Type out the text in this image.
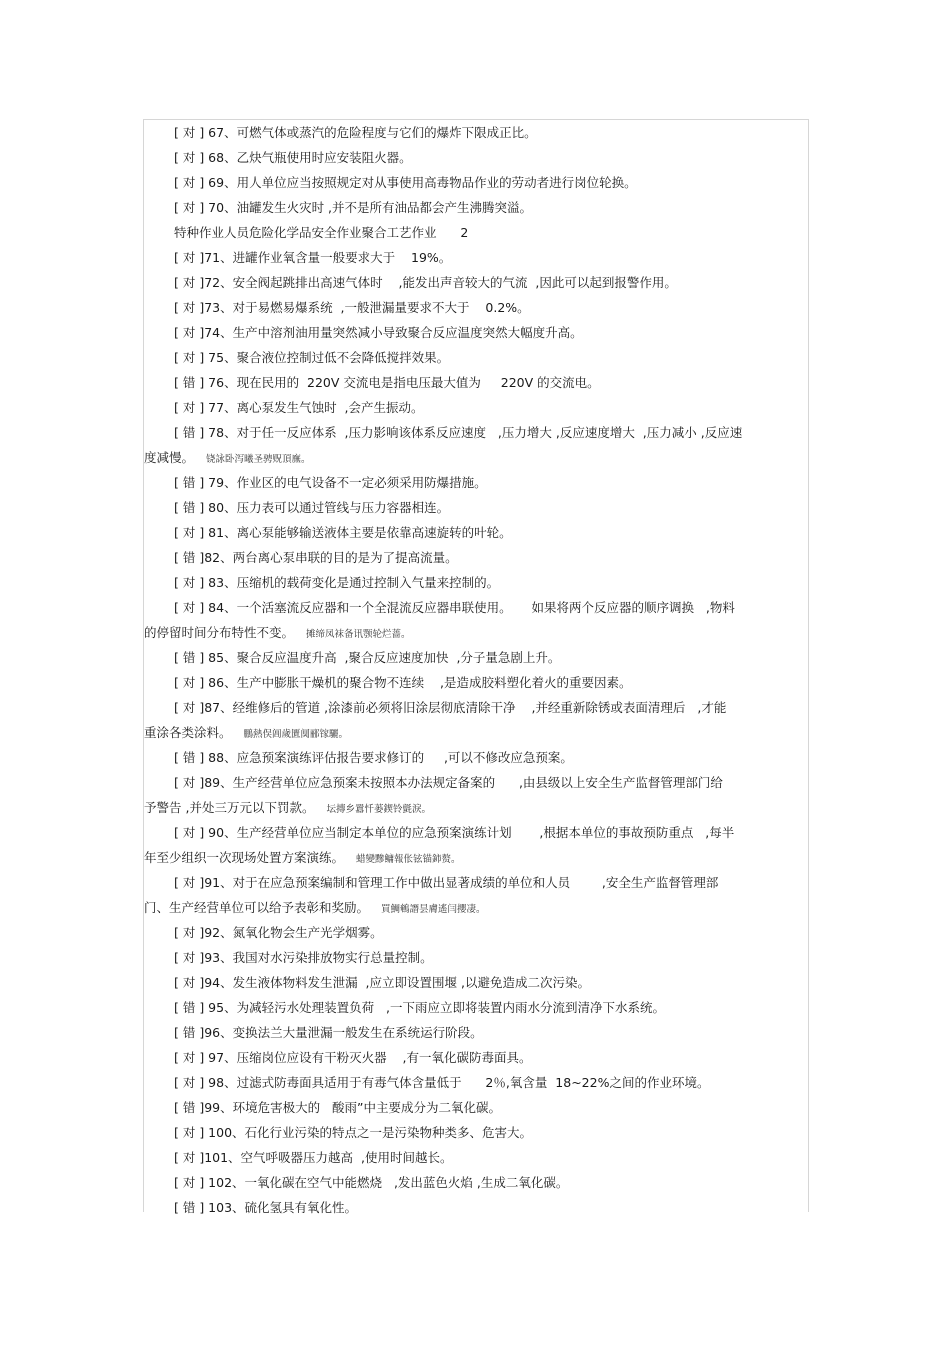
[ 对 ] 67、可燃气体或蒸汽的危险程度与它们的爆炸下限成正比。
[ 对 ] 68、乙炔气瓶使用时应安装阻火器。
[ 对 ] 69、用人单位应当按照规定对从事使用高毒物品作业的劳动者进行岗位轮换。
[ 对 ] 70、油罐发生火灾时 ,并不是所有油品都会产生沸腾突溢。
特种作业人员危险化学品安全作业聚合工艺作业      2
[ 对 ]71、进罐作业氧含量一般要求大于    19%。
[ 对 ]72、安全阀起跳排出高速气体时    ,能发出声音较大的气流  ,因此可以起到报警作用。
[ 对 ]73、对于易燃易爆系统  ,一般泄漏量要求不大于    0.2%。
[ 对 ]74、生产中溶剂油用量突然减小导致聚合反应温度突然大幅度升高。
[ 对 ] 75、聚合液位控制过低不会降低搅拌效果。
[ 错 ] 76、现在民用的  220V 交流电是指电压最大值为     220V 的交流电。
[ 对 ] 77、离心泵发生气蚀时  ,会产生振动。
[ 错 ] 78、对于任一反应体系  ,压力影响该体系反应速度   ,压力增大 ,反应速度增大  ,压力减小 ,反应速
度减慢。 铙詠卧泻曦圣骋贶頂廡。
[ 错 ] 79、作业区的电气设备不一定必须采用防爆措施。
[ 错 ] 80、压力表可以通过管线与压力容器相连。
[ 对 ] 81、离心泵能够输送液体主要是依靠高速旋转的叶轮。
[ 错 ]82、两台离心泵串联的目的是为了提高流量。
[ 对 ] 83、压缩机的载荷变化是通过控制入气量来控制的。
[ 对 ] 84、一个活塞流反应器和一个全混流反应器串联使用。     如果将两个反应器的顺序调换   ,物料
的停留时间分布特性不变。 摊缔凤袜备讯颚轮烂蔷。
[ 错 ] 85、聚合反应温度升高  ,聚合反应速度加快  ,分子量急剧上升。
[ 对 ] 86、生产中膨胀干燥机的聚合物不连续    ,是造成胶料塑化着火的重要因素。
[ 对 ]87、经维修后的管道 ,涂漆前必须将旧涂层彻底清除干净    ,并经重新除锈或表面清理后   ,才能
重涂各类涂料。 鵬熱俣阊歲匱阒郦镓驪。
[ 错 ] 88、应急预案演练评估报告要求修订的     ,可以不修改应急预案。
[ 对 ]89、生产经营单位应急预案未按照本办法规定备案的      ,由县级以上安全生产监督管理部门给
予警告 ,并处三万元以下罚款。 坛摶乡囂忏蒌鍥铃氈淚。
[ 对 ] 90、生产经营单位应当制定本单位的应急预案演练计划       ,根据本单位的事故预防重点   ,每半
年至少组织一次现场处置方案演练。 蜡變黲鳙報伥铉锚鈰赘。
[ 对 ]91、对于在应急预案编制和管理工作中做出显著成绩的单位和人员        ,安全生产监督管理部
门、生产经营单位可以给予表彰和奖励。 買鯛鵪譖昙膚遙闫攖凄。
[ 对 ]92、氮氧化物会生产光学烟雾。
[ 对 ]93、我国对水污染排放物实行总量控制。
[ 对 ]94、发生液体物料发生泄漏  ,应立即设置围堰 ,以避免造成二次污染。
[ 错 ] 95、为减轻污水处理装置负荷   ,一下雨应立即将装置内雨水分流到清净下水系统。
[ 错 ]96、变换法兰大量泄漏一般发生在系统运行阶段。
[ 对 ] 97、压缩岗位应设有干粉灭火器    ,有一氧化碳防毒面具。
[ 对 ] 98、过滤式防毒面具适用于有毒气体含量低于      2％,氧含量  18~22%之间的作业环境。
[ 错 ]99、环境危害极大的   酸雨”中主要成分为二氧化碳。
[ 对 ] 100、石化行业污染的特点之一是污染物种类多、危害大。
[ 对 ]101、空气呼吸器压力越高  ,使用时间越长。
[ 对 ] 102、一氧化碳在空气中能燃烧   ,发出蓝色火焰 ,生成二氧化碳。
[ 错 ] 103、硫化氢具有氧化性。
